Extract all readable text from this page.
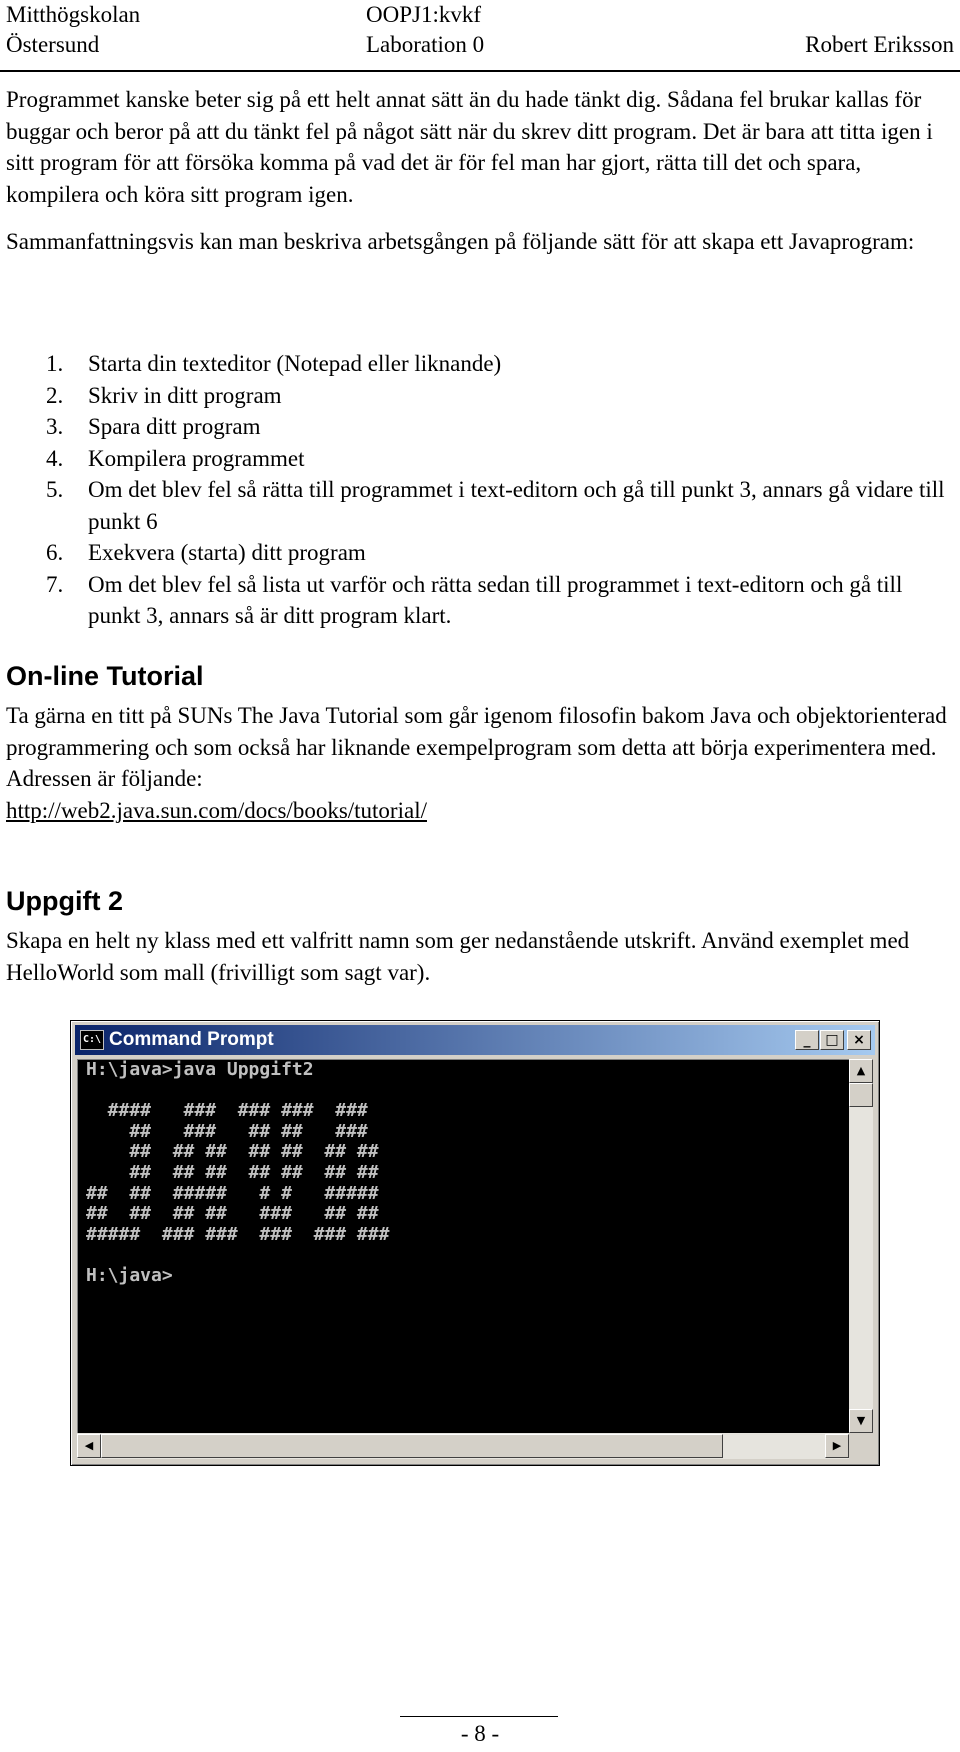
Mitthögskolan	OOPJ1:kvkf
Östersund	Laboration 0	Robert Eriksson

Programmet kanske beter sig på ett helt annat sätt än du hade tänkt dig. Sådana fel brukar kallas för buggar och beror på att du tänkt fel på något sätt när du skrev ditt program. Det är bara att titta igen i sitt program för att försöka komma på vad det är för fel man har gjort, rätta till det och spara, kompilera och köra sitt program igen.

Sammanfattningsvis kan man beskriva arbetsgången på följande sätt för att skapa ett Javaprogram:

1. Starta din texteditor (Notepad eller liknande)
2. Skriv in ditt program
3. Spara ditt program
4. Kompilera programmet
5. Om det blev fel så rätta till programmet i text-editorn och gå till punkt 3, annars gå vidare till punkt 6
6. Exekvera (starta) ditt program
7. Om det blev fel så lista ut varför och rätta sedan till programmet i text-editorn och gå till punkt 3, annars så är ditt program klart.
On-line Tutorial

Ta gärna en titt på SUNs The Java Tutorial som går igenom filosofin bakom Java och objektorienterad programmering och som också har liknande exempelprogram som detta att börja experimentera med. Adressen är följande:
http://web2.java.sun.com/docs/books/tutorial/

Uppgift 2

Skapa en helt ny klass med ett valfritt namn som ger nedanstående utskrift. Använd exemplet med HelloWorld som mall (frivilligt som sagt var).

C:\ Command Prompt	_	□	×
H:\java>java Uppgift2

####   ###  ### ###  ###
##   ###   ## ##   ###
##  ## ##  ## ##  ## ##
##  ## ##  ## ##  ## ##
##  ##  #####   # #   #####
##  ##  ## ##   ###   ## ##
#####  ### ###  ###  ### ###

H:\java>
▲
▼
◀	▶
- 8 -
